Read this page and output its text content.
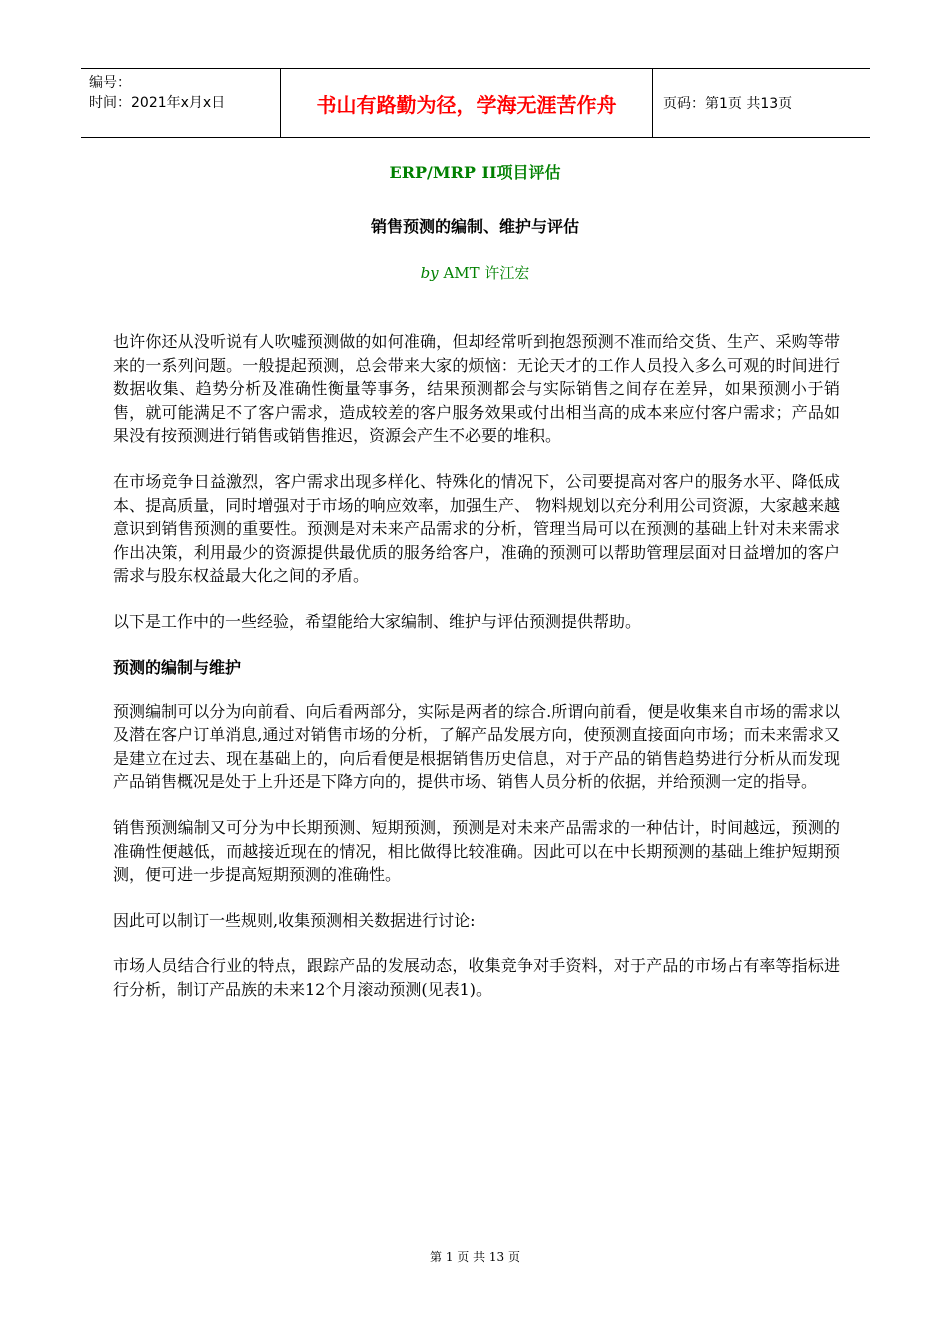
编号：
时间：2021年x月x日	书山有路勤为径，学海无涯苦作舟	页码：第1页 共13页
ERP/MRP II项目评估
销售预测的编制、维护与评估
by AMT 许江宏

也许你还从没听说有人吹嘘预测做的如何准确，但却经常听到抱怨预测不准而给交货、生产、采购等带来的一系列问题。一般提起预测，总会带来大家的烦恼：无论天才的工作人员投入多么可观的时间进行数据收集、趋势分析及准确性衡量等事务，结果预测都会与实际销售之间存在差异，如果预测小于销售，就可能满足不了客户需求，造成较差的客户服务效果或付出相当高的成本来应付客户需求；产品如果没有按预测进行销售或销售推迟，资源会产生不必要的堆积。

在市场竞争日益激烈，客户需求出现多样化、特殊化的情况下，公司要提高对客户的服务水平、降低成本、提高质量，同时增强对于市场的响应效率，加强生产、 物料规划以充分利用公司资源，大家越来越意识到销售预测的重要性。预测是对未来产品需求的分析，管理当局可以在预测的基础上针对未来需求作出决策，利用最少的资源提供最优质的服务给客户，准确的预测可以帮助管理层面对日益增加的客户需求与股东权益最大化之间的矛盾。

以下是工作中的一些经验，希望能给大家编制、维护与评估预测提供帮助。

预测的编制与维护

预测编制可以分为向前看、向后看两部分，实际是两者的综合.所谓向前看，便是收集来自市场的需求以及潜在客户订单消息,通过对销售市场的分析，了解产品发展方向，使预测直接面向市场；而未来需求又是建立在过去、现在基础上的，向后看便是根据销售历史信息，对于产品的销售趋势进行分析从而发现产品销售概况是处于上升还是下降方向的，提供市场、销售人员分析的依据，并给预测一定的指导。

销售预测编制又可分为中长期预测、短期预测，预测是对未来产品需求的一种估计，时间越远，预测的准确性便越低，而越接近现在的情况，相比做得比较准确。因此可以在中长期预测的基础上维护短期预测，便可进一步提高短期预测的准确性。

因此可以制订一些规则,收集预测相关数据进行讨论:

市场人员结合行业的特点，跟踪产品的发展动态，收集竞争对手资料，对于产品的市场占有率等指标进行分析，制订产品族的未来12个月滚动预测(见表1)。

第 1 页 共 13 页
